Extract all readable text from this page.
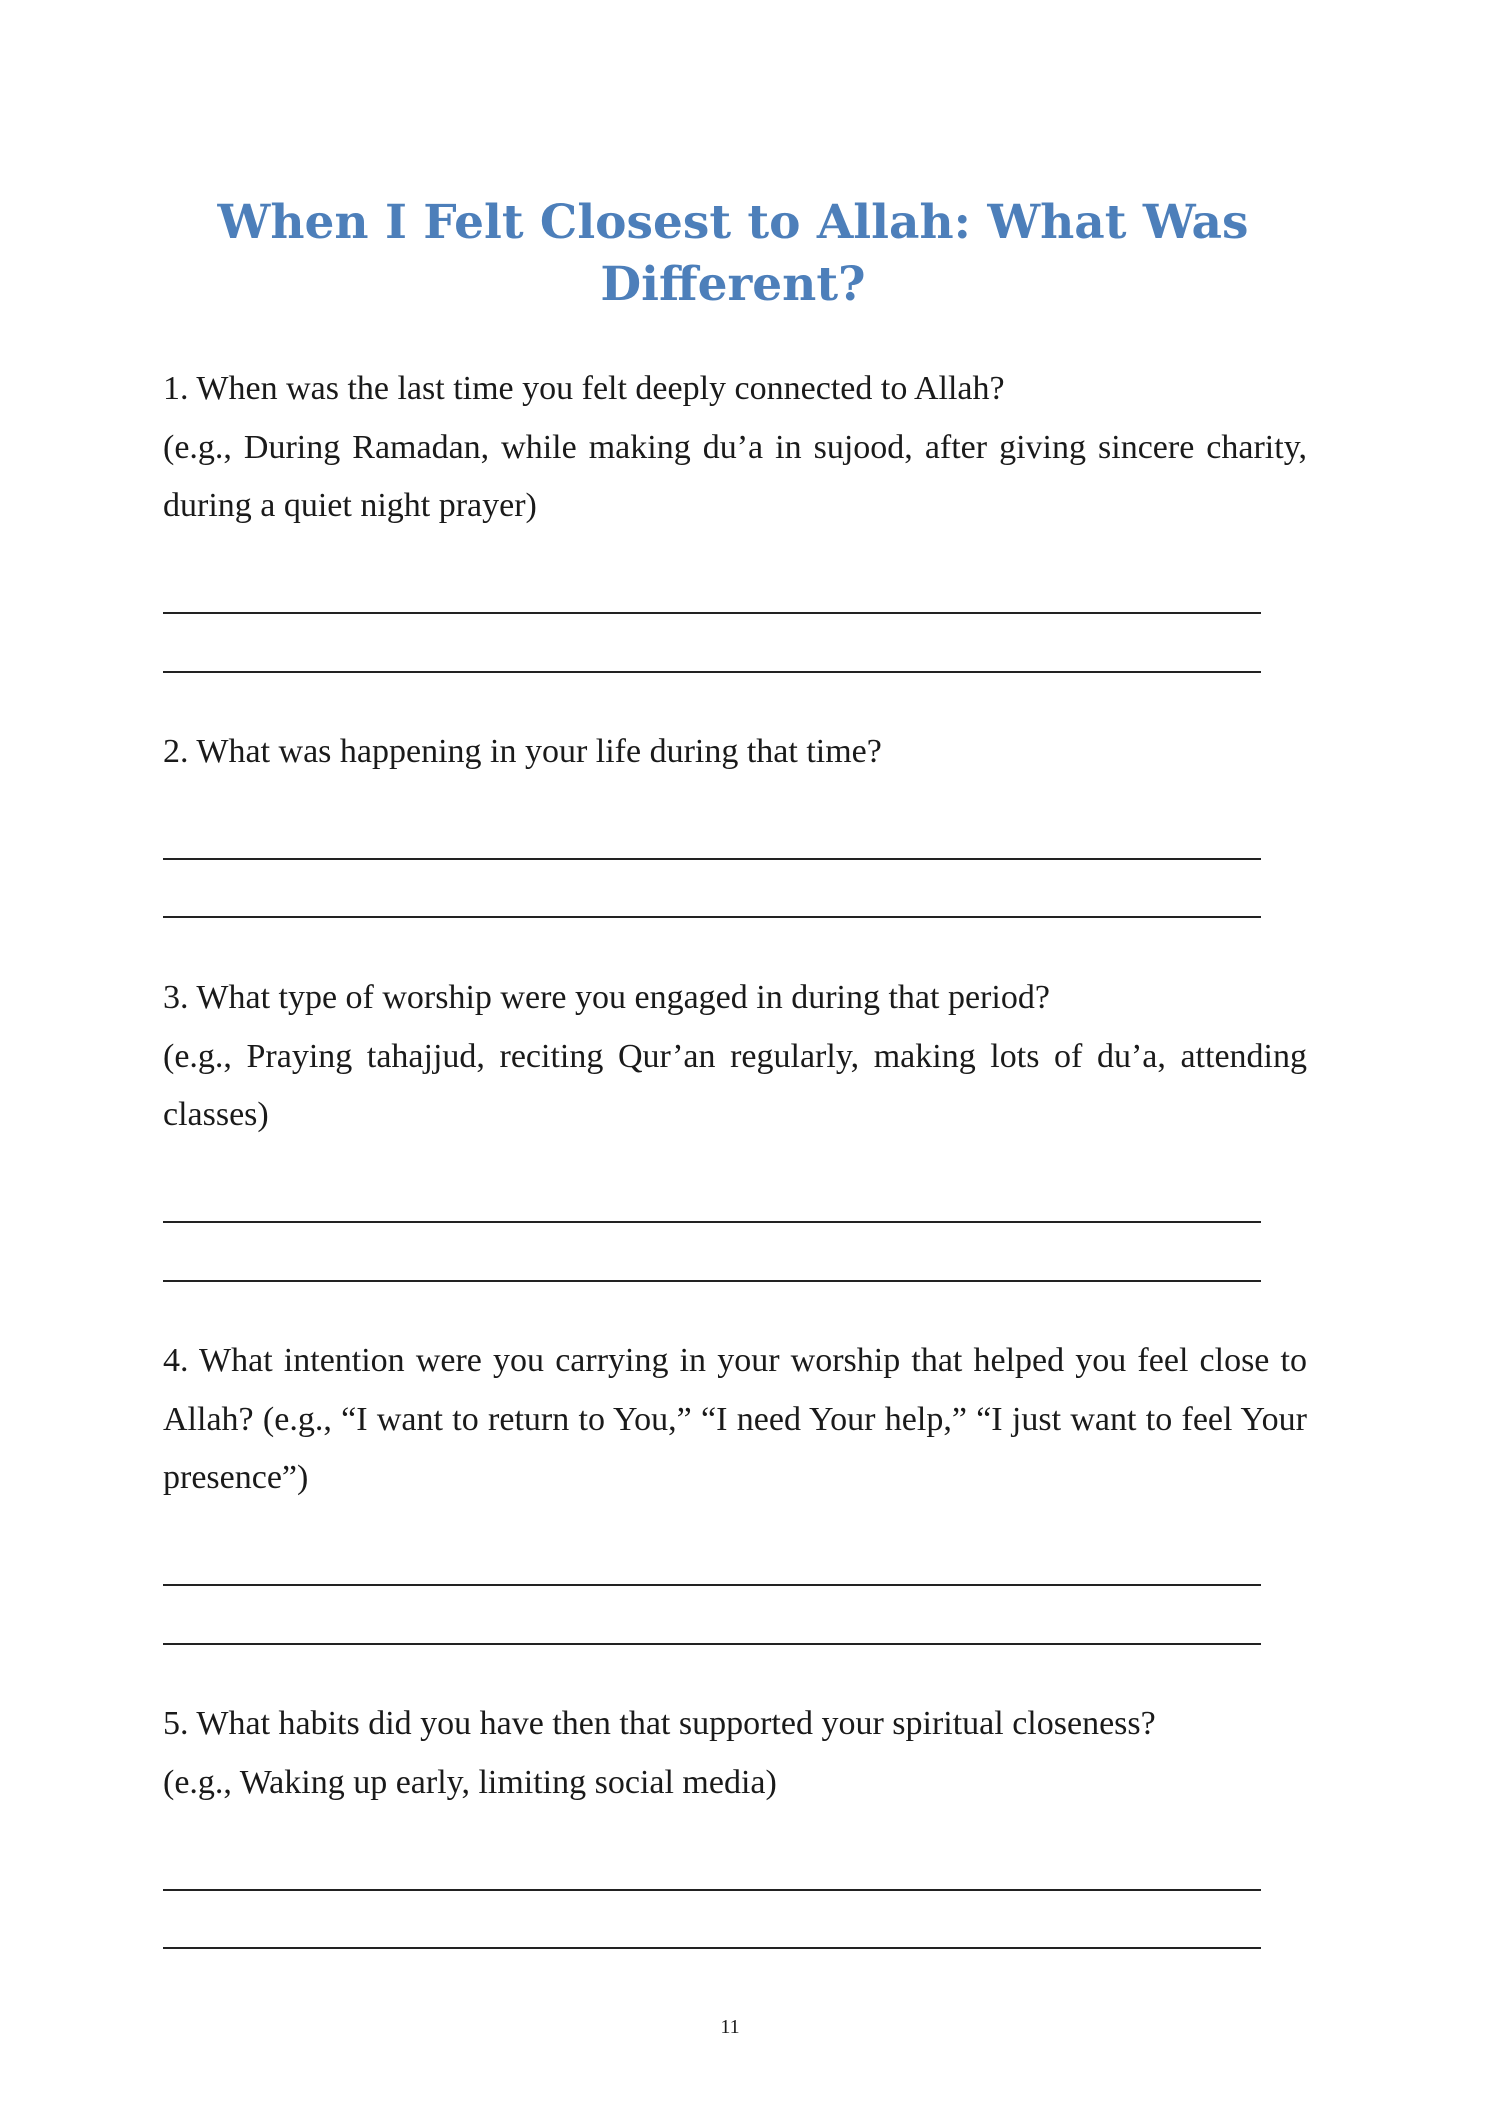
When I Felt Closest to Allah: What Was Different?
1. When was the last time you felt deeply connected to Allah?
(e.g., During Ramadan, while making du’a in sujood, after giving sincere charity, during a quiet night prayer)
2. What was happening in your life during that time?
3. What type of worship were you engaged in during that period?
(e.g., Praying tahajjud, reciting Qur’an regularly, making lots of du’a, attending classes)
4. What intention were you carrying in your worship that helped you feel close to Allah? (e.g., “I want to return to You,” “I need Your help,” “I just want to feel Your presence”)
5. What habits did you have then that supported your spiritual closeness?
(e.g., Waking up early, limiting social media)
11
